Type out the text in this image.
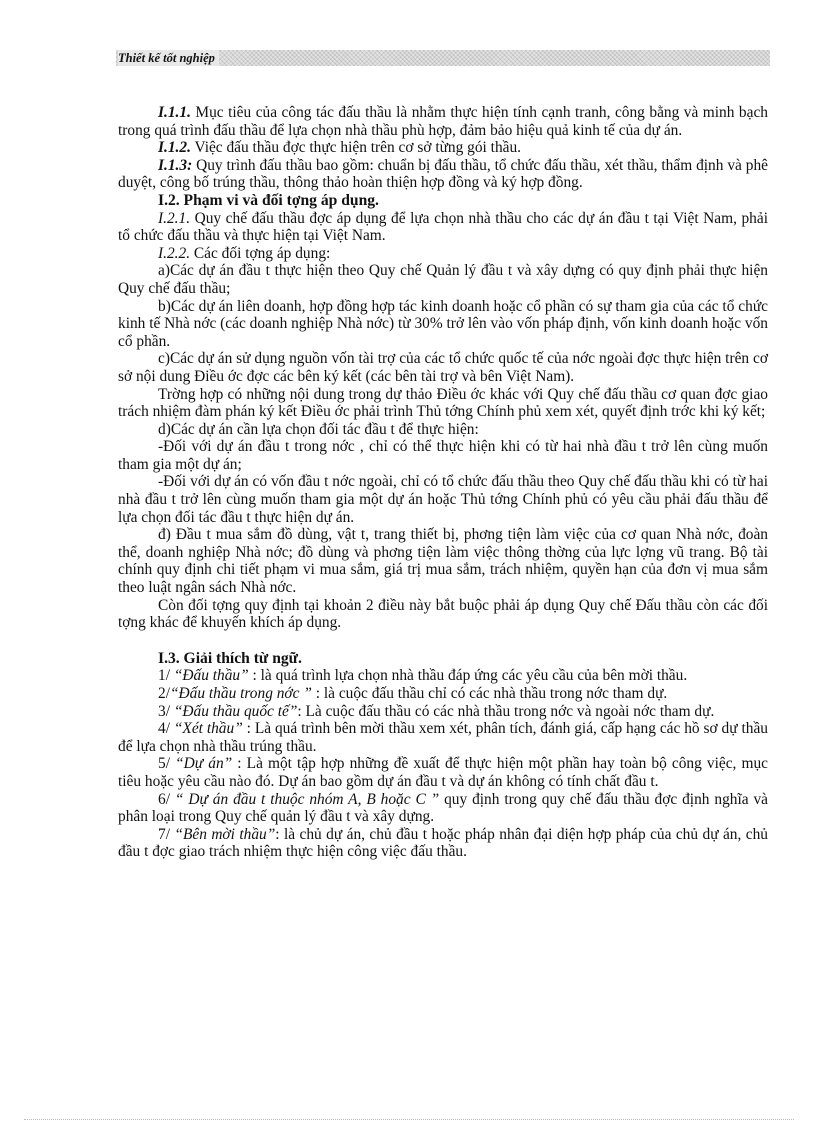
Thiết kế tốt nghiệp

I.1.1. Mục tiêu của công tác đấu thầu là nhằm thực hiện tính cạnh tranh, công bằng và minh bạch trong quá trình đấu thầu để lựa chọn nhà thầu phù hợp, đảm bảo hiệu quả kinh tế của dự án.

I.1.2. Việc đấu thầu đợc thực hiện trên cơ sở từng gói thầu.

I.1.3: Quy trình đấu thầu bao gồm: chuẩn bị đấu thầu, tổ chức đấu thầu, xét thầu, thẩm định và phê duyệt, công bố trúng thầu, thông thảo hoàn thiện hợp đồng và ký hợp đồng.

I.2. Phạm vi và đối tợng áp dụng.

I.2.1. Quy chế đấu thầu đợc áp dụng để lựa chọn nhà thầu cho các dự án đầu t tại Việt Nam, phải tổ chức đấu thầu và thực hiện tại Việt Nam.

I.2.2. Các đối tợng áp dụng:

a)Các dự án đầu t thực hiện theo Quy chế Quản lý đầu t và xây dựng có quy định phải thực hiện Quy chế đấu thầu;

b)Các dự án liên doanh, hợp đồng hợp tác kinh doanh hoặc cổ phần có sự tham gia của các tổ chức kinh tế Nhà nớc (các doanh nghiệp Nhà nớc) từ 30% trở lên vào vốn pháp định, vốn kinh doanh hoặc vốn cổ phần.

c)Các dự án sử dụng nguồn vốn tài trợ của các tổ chức quốc tế của nớc ngoài đợc thực hiện trên cơ sở nội dung Điều ớc đợc các bên ký kết (các bên tài trợ và bên Việt Nam).

Trờng hợp có những nội dung trong dự thảo Điều ớc khác với Quy chế đấu thầu cơ quan đợc giao trách nhiệm đàm phán ký kết Điều ớc phải trình Thủ tớng Chính phủ xem xét, quyết định trớc khi ký kết;

d)Các dự án cần lựa chọn đối tác đầu t để thực hiện:

-Đối với dự án đầu t trong nớc , chỉ có thể thực hiện khi có từ hai nhà đầu t trở lên cùng muốn tham gia một dự án;

-Đối với dự án có vốn đầu t nớc ngoài, chỉ có tổ chức đấu thầu theo Quy chế đấu thầu khi có từ hai nhà đầu t trở lên cùng muốn tham gia một dự án hoặc Thủ tớng Chính phủ có yêu cầu phải đấu thầu để lựa chọn đối tác đầu t thực hiện dự án.

đ) Đầu t mua sắm đồ dùng, vật t, trang thiết bị, phơng tiện làm việc của cơ quan Nhà nớc, đoàn thể, doanh nghiệp Nhà nớc; đồ dùng và phơng tiện làm việc thông thờng của lực lợng vũ trang. Bộ tài chính quy định chi tiết phạm vi mua sắm, giá trị mua sắm, trách nhiệm, quyền hạn của đơn vị mua sắm theo luật ngân sách Nhà nớc.

Còn đối tợng quy định tại khoản 2 điều này bắt buộc phải áp dụng Quy chế Đấu thầu còn các đối tợng khác để khuyến khích áp dụng.

I.3. Giải thích từ ngữ.

1/ “Đấu thầu” : là quá trình lựa chọn nhà thầu đáp ứng các yêu cầu của bên mời thầu.

2/“Đấu thầu trong nớc ” : là cuộc đấu thầu chỉ có các nhà thầu trong nớc tham dự.

3/ “Đấu thầu quốc tế”: Là cuộc đấu thầu có các nhà thầu trong nớc và ngoài nớc tham dự.

4/ “Xét thầu” : Là quá trình bên mời thầu xem xét, phân tích, đánh giá, cấp hạng các hồ sơ dự thầu để lựa chọn nhà thầu trúng thầu.

5/ “Dự án” : Là một tập hợp những đề xuất để thực hiện một phần hay toàn bộ công việc, mục tiêu hoặc yêu cầu nào đó. Dự án bao gồm dự án đầu t và dự án không có tính chất đầu t.

6/ “ Dự án đầu t thuộc nhóm A, B hoặc C ” quy định trong quy chế đấu thầu đợc định nghĩa và phân loại trong Quy chế quản lý đầu t và xây dựng.

7/ “Bên mời thầu”: là chủ dự án, chủ đầu t hoặc pháp nhân đại diện hợp pháp của chủ dự án, chủ đầu t đợc giao trách nhiệm thực hiện công việc đấu thầu.
